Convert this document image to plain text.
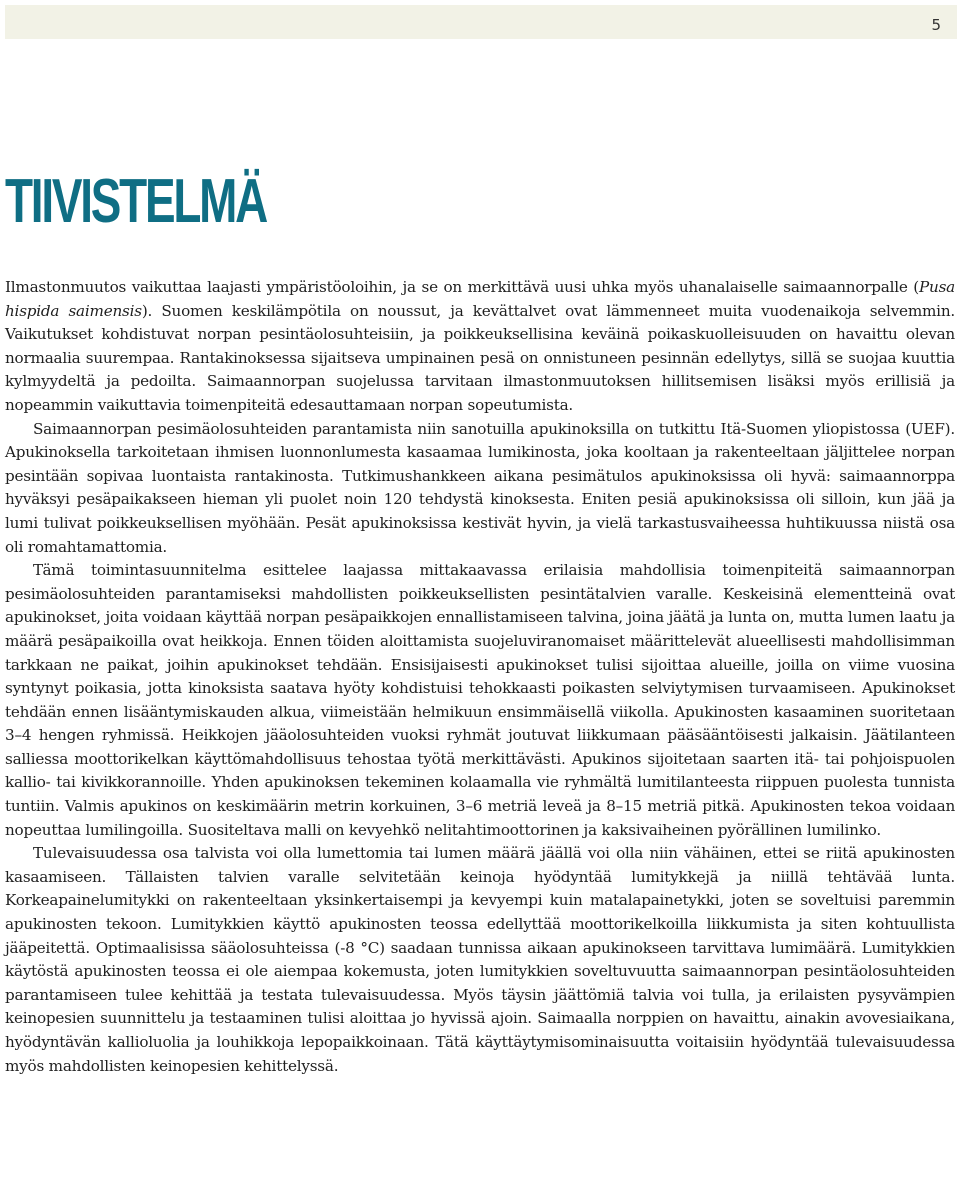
5
TIIVISTELMÄ

Ilmastonmuutos vaikuttaa laajasti ympäristöoloihin, ja se on merkittävä uusi uhka myös uhanalaiselle saimaannorpalle (Pusa hispida saimensis). Suomen keskilämpötila on noussut, ja kevättalvet ovat lämmenneet muita vuodenaikoja selvemmin. Vaikutukset kohdistuvat norpan pesintäolosuhteisiin, ja poikkeuksellisina keväinä poikaskuolleisuuden on havaittu olevan normaalia suurempaa. Rantakinoksessa sijaitseva umpinainen pesä on onnistuneen pesinnän edellytys, sillä se suojaa kuuttia kylmyydeltä ja pedoilta. Saimaannorpan suojelussa tarvitaan ilmastonmuutoksen hillitsemisen lisäksi myös erillisiä ja nopeammin vaikuttavia toimenpiteitä edesauttamaan norpan sopeutumista.

Saimaannorpan pesimäolosuhteiden parantamista niin sanotuilla apukinoksilla on tutkittu Itä-Suomen yliopistossa (UEF). Apukinoksella tarkoitetaan ihmisen luonnonlumesta kasaamaa lumikinosta, joka kooltaan ja rakenteeltaan jäljittelee norpan pesintään sopivaa luontaista rantakinosta. Tutkimushankkeen aikana pesimätulos apukinoksissa oli hyvä: saimaannorppa hyväksyi pesäpaikakseen hieman yli puolet noin 120 tehdystä kinoksesta. Eniten pesiä apukinoksissa oli silloin, kun jää ja lumi tulivat poikkeuksellisen myöhään. Pesät apukinoksissa kestivät hyvin, ja vielä tarkastusvaiheessa huhtikuussa niistä osa oli romahtamattomia.

Tämä toimintasuunnitelma esittelee laajassa mittakaavassa erilaisia mahdollisia toimenpiteitä saimaannorpan pesimäolosuhteiden parantamiseksi mahdollisten poikkeuksellisten pesintätalvien varalle. Keskeisinä elementteinä ovat apukinokset, joita voidaan käyttää norpan pesäpaikkojen ennallistamiseen talvina, joina jäätä ja lunta on, mutta lumen laatu ja määrä pesäpaikoilla ovat heikkoja. Ennen töiden aloittamista suojeluviranomaiset määrittelevät alueellisesti mahdollisimman tarkkaan ne paikat, joihin apukinokset tehdään. Ensisijaisesti apukinokset tulisi sijoittaa alueille, joilla on viime vuosina syntynyt poikasia, jotta kinoksista saatava hyöty kohdistuisi tehokkaasti poikasten selviytymisen turvaamiseen. Apukinokset tehdään ennen lisääntymiskauden alkua, viimeistään helmikuun ensimmäisellä viikolla. Apukinosten kasaaminen suoritetaan 3–4 hengen ryhmissä. Heikkojen jääolosuhteiden vuoksi ryhmät joutuvat liikkumaan pääsääntöisesti jalkaisin. Jäätilanteen salliessa moottorikelkan käyttömahdollisuus tehostaa työtä merkittävästi. Apukinos sijoitetaan saarten itä- tai pohjoispuolen kallio- tai kivikkorannoille. Yhden apukinoksen tekeminen kolaamalla vie ryhmältä lumitilanteesta riippuen puolesta tunnista tuntiin. Valmis apukinos on keskimäärin metrin korkuinen, 3–6 metriä leveä ja 8–15 metriä pitkä. Apukinosten tekoa voidaan nopeuttaa lumilingoilla. Suositeltava malli on kevyehkö nelitahtimoottorinen ja kaksivaiheinen pyörällinen lumilinko.

Tulevaisuudessa osa talvista voi olla lumettomia tai lumen määrä jäällä voi olla niin vähäinen, ettei se riitä apukinosten kasaamiseen. Tällaisten talvien varalle selvitetään keinoja hyödyntää lumitykkejä ja niillä tehtävää lunta. Korkeapainelumitykki on rakenteeltaan yksinkertaisempi ja kevyempi kuin matalapainetykki, joten se soveltuisi paremmin apukinosten tekoon. Lumitykkien käyttö apukinosten teossa edellyttää moottorikelkoilla liikkumista ja siten kohtuullista jääpeitettä. Optimaalisissa sääolosuhteissa (-8 °C) saadaan tunnissa aikaan apukinokseen tarvittava lumimäärä. Lumitykkien käytöstä apukinosten teossa ei ole aiempaa kokemusta, joten lumitykkien soveltuvuutta saimaannorpan pesintäolosuhteiden parantamiseen tulee kehittää ja testata tulevaisuudessa. Myös täysin jäättömiä talvia voi tulla, ja erilaisten pysyvämpien keinopesien suunnittelu ja testaaminen tulisi aloittaa jo hyvissä ajoin. Saimaalla norppien on havaittu, ainakin avovesiaikana, hyödyntävän kallioluolia ja louhikkoja lepopaikkoinaan. Tätä käyttäytymisominaisuutta voitaisiin hyödyntää tulevaisuudessa myös mahdollisten keinopesien kehittelyssä.
